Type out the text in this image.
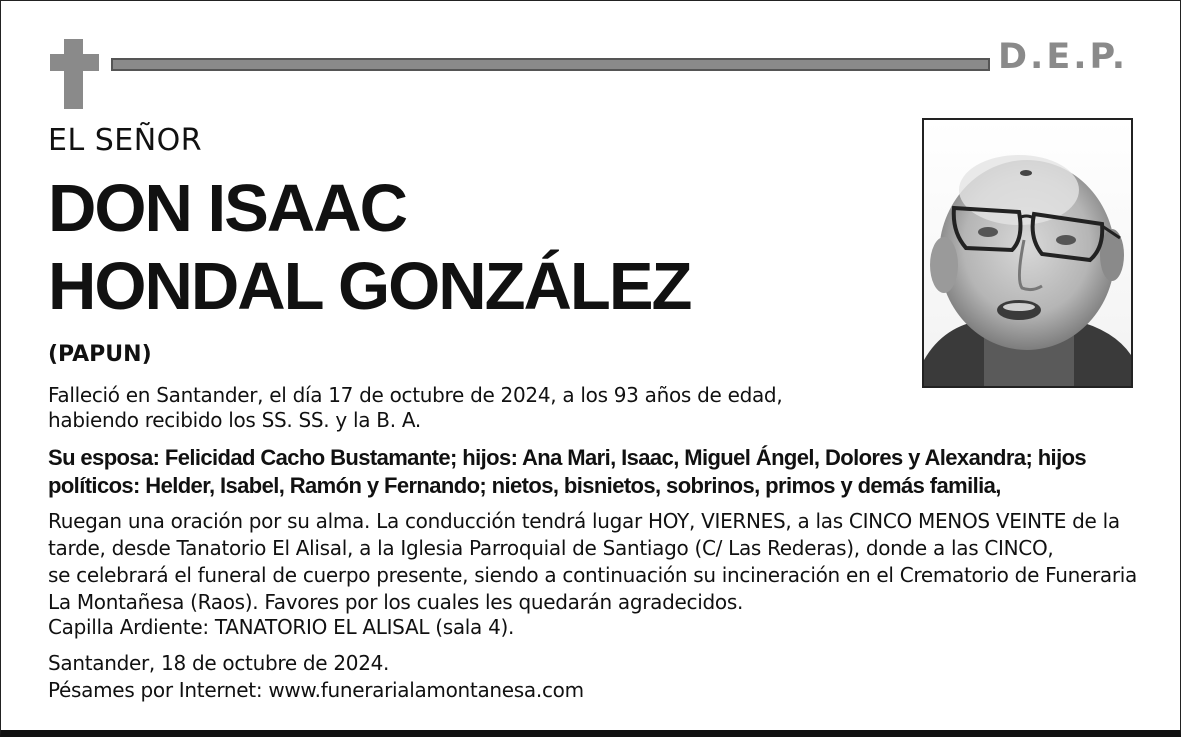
D.E.P.
EL SEÑOR
DON ISAAC
HONDAL GONZÁLEZ
(PAPUN)
Falleció en Santander, el día 17 de octubre de 2024, a los 93 años de edad,
habiendo recibido los SS. SS. y la B. A.
Su esposa: Felicidad Cacho Bustamante; hijos: Ana Mari, Isaac, Miguel Ángel, Dolores y Alexandra; hijos políticos: Helder, Isabel, Ramón y Fernando; nietos, bisnietos, sobrinos, primos y demás familia,
Ruegan una oración por su alma. La conducción tendrá lugar HOY, VIERNES, a las CINCO MENOS VEINTE de la
tarde, desde Tanatorio El Alisal, a la Iglesia Parroquial de Santiago (C/ Las Rederas), donde a las CINCO,
se celebrará el funeral de cuerpo presente, siendo a continuación su incineración en el Crematorio de Funeraria
La Montañesa (Raos). Favores por los cuales les quedarán agradecidos.
Capilla Ardiente: TANATORIO EL ALISAL (sala 4).
Santander, 18 de octubre de 2024.
Pésames por Internet: www.funerarialamontanesa.com
